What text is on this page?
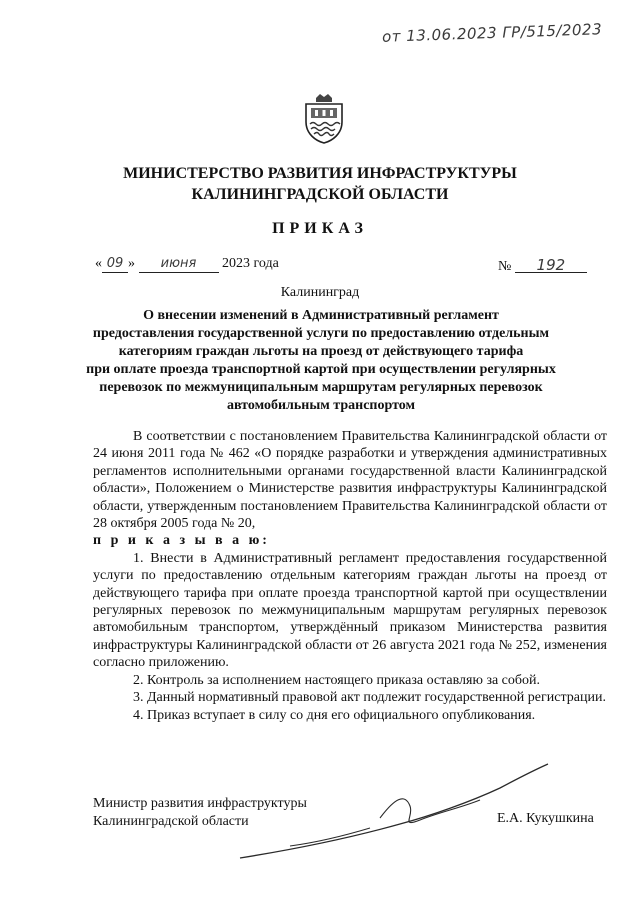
от 13.06.2023 ГР/515/2023
МИНИСТЕРСТВО РАЗВИТИЯ ИНФРАСТРУКТУРЫ
КАЛИНИНГРАДСКОЙ ОБЛАСТИ
ПРИКАЗ
« 09 » июня 2023 года	№ 192
Калининград
О внесении изменений в Административный регламент
предоставления государственной услуги по предоставлению отдельным
категориям граждан льготы на проезд от действующего тарифа
при оплате проезда транспортной картой при осуществлении регулярных
перевозок по межмуниципальным маршрутам регулярных перевозок
автомобильным транспортом

В соответствии с постановлением Правительства Калининградской области от 24 июня 2011 года № 462 «О порядке разработки и утверждения административных регламентов исполнительными органами государственной власти Калининградской области», Положением о Министерстве развития инфраструктуры Калининградской области, утвержденным постановлением Правительства Калининградской области от 28 октября 2005 года № 20,

п р и к а з ы в а ю:

1. Внести в Административный регламент предоставления государственной услуги по предоставлению отдельным категориям граждан льготы на проезд от действующего тарифа при оплате проезда транспортной картой при осуществлении регулярных перевозок по межмуниципальным маршрутам регулярных перевозок автомобильным транспортом, утверждённый приказом Министерства развития инфраструктуры Калининградской области от 26 августа 2021 года № 252, изменения согласно приложению.

2. Контроль за исполнением настоящего приказа оставляю за собой.

3. Данный нормативный правовой акт подлежит государственной регистрации.

4. Приказ вступает в силу со дня его официального опубликования.

Министр развития инфраструктуры
Калининградской области	Е.А. Кукушкина
